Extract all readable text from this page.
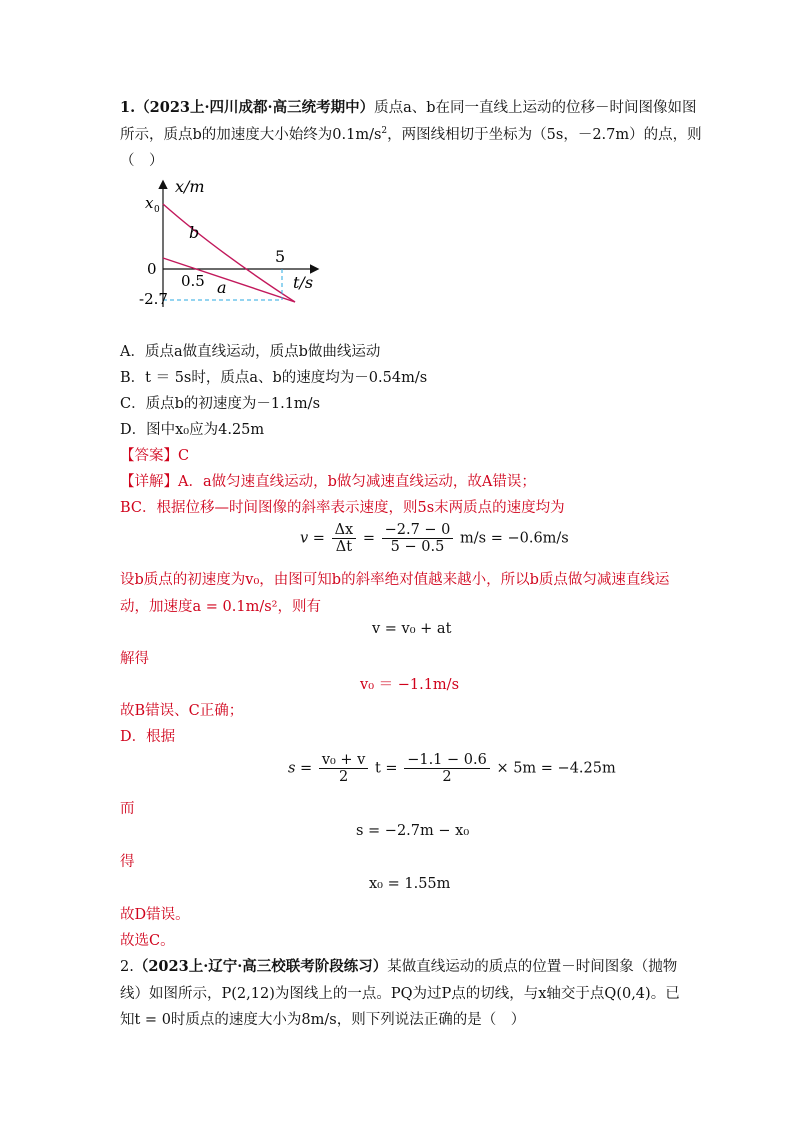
1.（2023上·四川成都·高三统考期中）质点a、b在同一直线上运动的位移－时间图像如图
所示，质点b的加速度大小始终为$0.1m/s^2$，两图线相切于坐标为（5s，－2.7m）的点，则
（　）
x 0
x/m
b
0
0.5
5
t/s
a
-2.7
A．质点a做直线运动，质点b做曲线运动
B．t ＝ 5s时，质点a、b的速度均为－0.54m/s
C．质点b的初速度为－1.1m/s
D．图中x₀应为4.25m
【答案】C
【详解】A．a做匀速直线运动，b做匀减速直线运动，故A错误；
BC．根据位移—时间图像的斜率表示速度，则5s末两质点的速度均为
$v = \frac{\Delta x}{\Delta t} = \frac{-2.7 - 0}{5 - 0.5} m/s = -0.6m/s$
设b质点的初速度为v₀，由图可知b的斜率绝对值越来越小，所以b质点做匀减速直线运
动，加速度a = 0.1m/s²，则有
v = v₀ + at
解得
v₀ ＝ −1.1m/s
故B错误、C正确；
D．根据
$s = \frac{\text{v₀ + v}}{2}$ $t = \frac{-1.1 - 0.6}{2} \times 5m = -4.25m$
而
s = −2.7m − x₀
得
x₀ = 1.55m
故D错误。
故选C。
2.（2023上·辽宁·高三校联考阶段练习）某做直线运动的质点的位置－时间图象（抛物
线）如图所示，P(2,12)为图线上的一点。PQ为过P点的切线，与x轴交于点Q(0,4)。已
知t = 0时质点的速度大小为8m/s，则下列说法正确的是（　）
